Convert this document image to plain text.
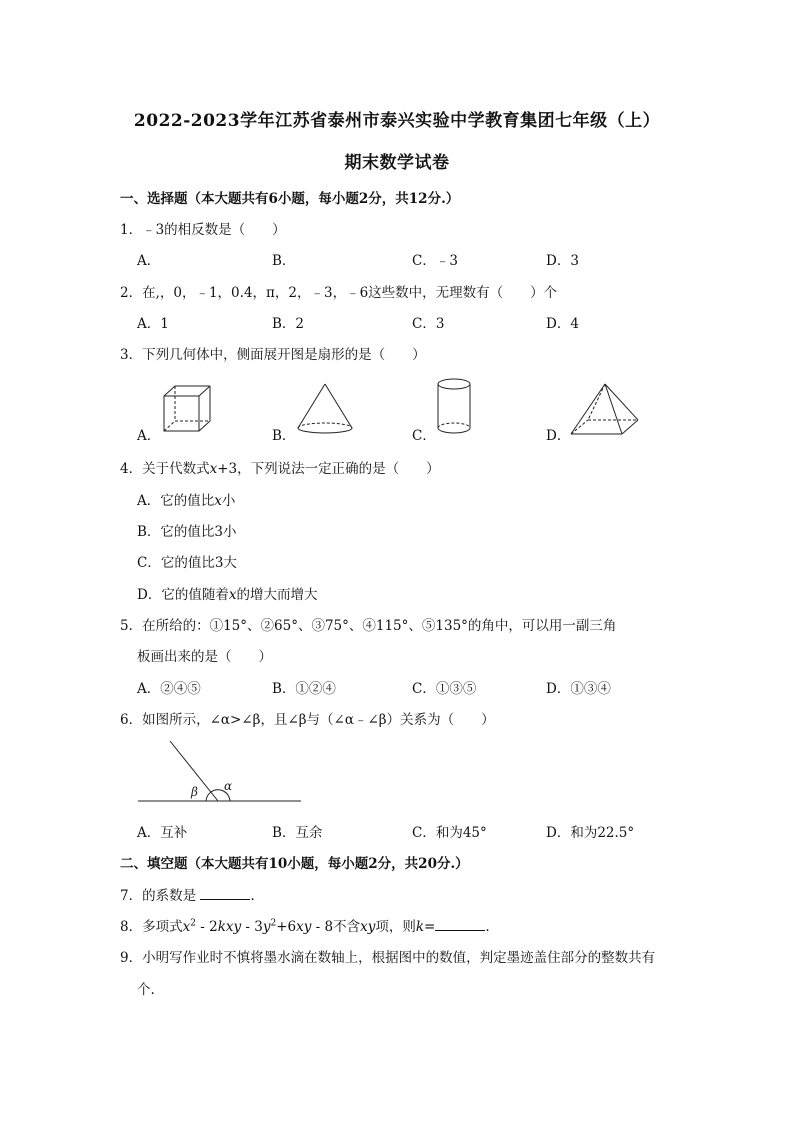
2022-2023学年江苏省泰州市泰兴实验中学教育集团七年级（上）
期末数学试卷
一、选择题（本大题共有6小题，每小题2分，共12分.）
1．﹣3的相反数是（　　）
A．	B．	C．﹣3	D．3
2．在,，0，﹣1，0.4，π，2，﹣3，﹣6这些数中，无理数有（　　）个
A．1	B．2	C．3	D．4
3．下列几何体中，侧面展开图是扇形的是（　　）
A．	B．	C．	D．
4．关于代数式x+3，下列说法一定正确的是（　　）
A．它的值比x小
B．它的值比3小
C．它的值比3大
D．它的值随着x的增大而增大
5．在所给的：①15°、②65°、③75°、④115°、⑤135°的角中，可以用一副三角
板画出来的是（　　）
A．②④⑤	B．①②④	C．①③⑤	D．①③④
6．如图所示，∠α>∠β，且∠β与（∠α﹣∠β）关系为（　　）
β α
A．互补	B．互余	C．和为45°	D．和为22.5°
二、填空题（本大题共有10小题，每小题2分，共20分.）
7．的系数是	.
8．多项式$x^2 - 2kxy - 3y^2+6xy - 8$不含xy项，则k=	.
9．小明写作业时不慎将墨水滴在数轴上，根据图中的数值，判定墨迹盖住部分的整数共有
个.
